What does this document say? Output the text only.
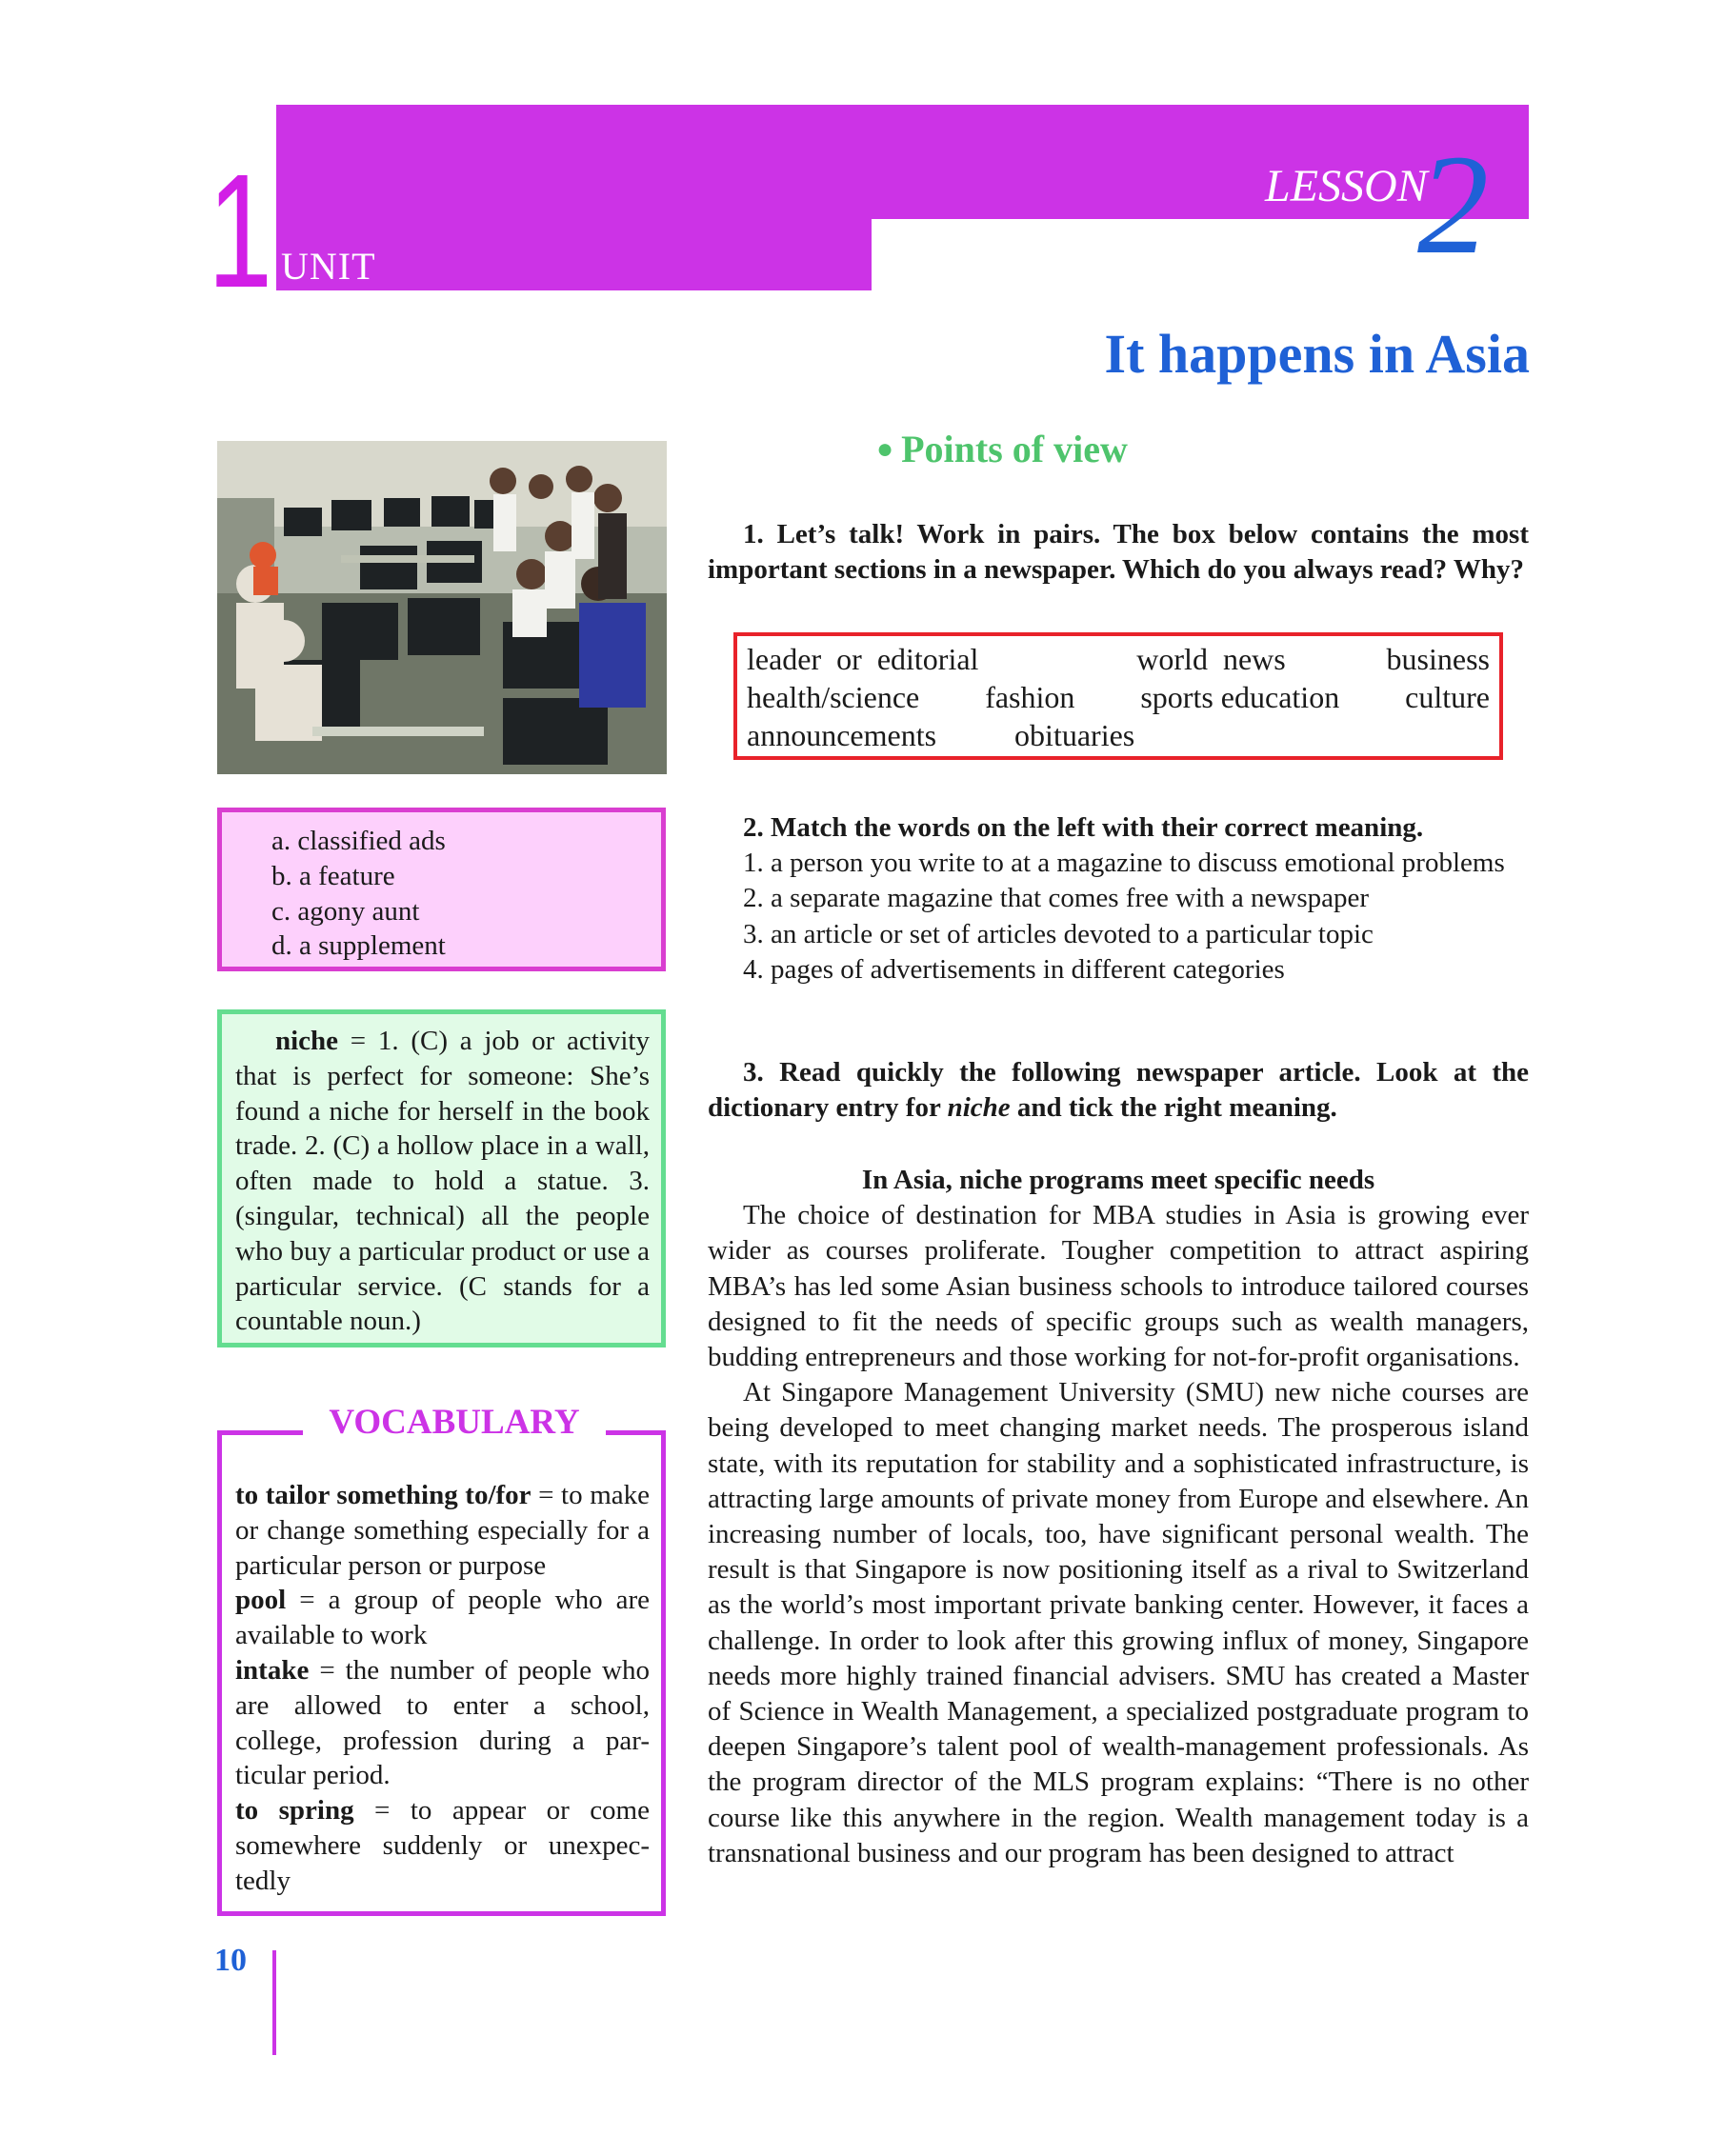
1 UNIT
LESSON
2
It happens in Asia
● Points of view
a. classified ads
b. a feature
c. agony aunt
d. a supplement
niche = 1. (C) a job or activity that is perfect for someone: She’s found a niche for herself in the book trade. 2. (C) a hollow place in a wall, often made to hold a statue. 3. (singular, technical) all the people who buy a particular product or use a particular service. (C stands for a countable noun.)

to tailor something to/for = to make or change something especially for a particular person or purpose

pool = a group of people who are available to work

intake = the number of people who are allowed to enter a school, college, profession during a par-ticular period.

to spring = to appear or come somewhere suddenly or unexpec-tedly

VOCABULARY
10

1. Let’s talk! Work in pairs. The box below contains the most important sections in a newspaper. Which do you always read? Why?

leader  or  editorial	world  news	business
health/science fashion sports education culture
announcements	obituaries

2. Match the words on the left with their correct meaning.

1. a person you write to at a magazine to discuss emotional problems

2. a separate magazine that comes free with a newspaper

3. an article or set of articles devoted to a particular topic

4. pages of advertisements in different categories

3. Read quickly the following newspaper article. Look at the dictionary entry for niche and tick the right meaning.

In Asia, niche programs meet specific needs

The choice of destination for MBA studies in Asia is growing ever wider as courses proliferate. Tougher competition to attract aspiring MBA’s has led some Asian business schools to introduce tailored courses designed to fit the needs of specific groups such as wealth managers, budding entrepreneurs and those working for not-for-profit organisations.

At Singapore Management University (SMU) new niche courses are being developed to meet changing market needs. The prosperous island state, with its reputation for stability and a sophisticated infrastructure, is attracting large amounts of private money from Europe and elsewhere. An increasing number of locals, too, have significant personal wealth. The result is that Singapore is now positioning itself as a rival to Switzerland as the world’s most important private banking center. However, it faces a challenge. In order to look after this growing influx of money, Singapore needs more highly trained financial advisers. SMU has created a Master of Science in Wealth Management, a specialized postgraduate program to deepen Singapore’s talent pool of wealth-management professionals. As the program director of the MLS program explains: “There is no other course like this anywhere in the region. Wealth management today is a transnational business and our program has been designed to attract
